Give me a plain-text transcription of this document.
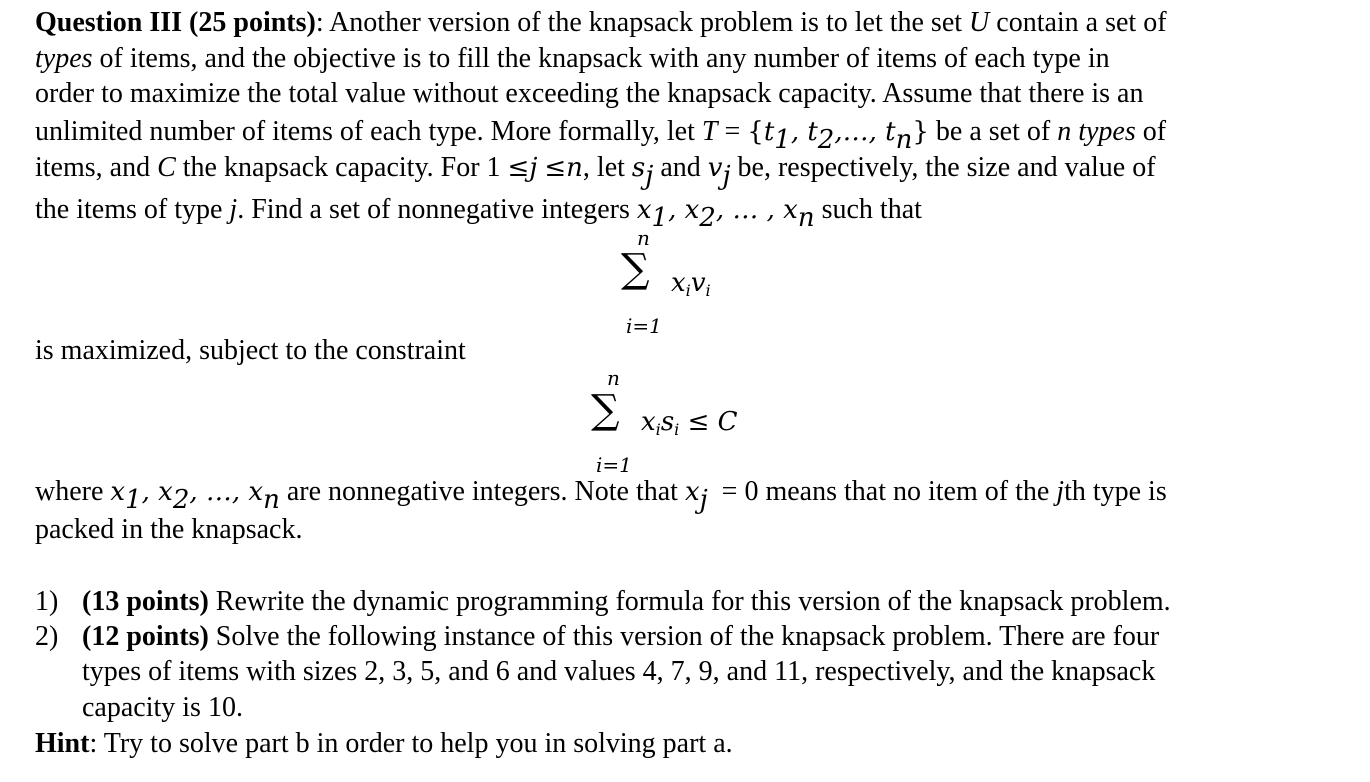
Question III (25 points): Another version of the knapsack problem is to let the set U contain a set of
types of items, and the objective is to fill the knapsack with any number of items of each type in
order to maximize the total value without exceeding the knapsack capacity. Assume that there is an
unlimited number of items of each type. More formally, let $T = \{t_1$, $t_2,\dots$, $t_n$} be a set of n types of
items, and C the knapsack capacity. For 1 ≤j ≤n, let $s_j$ and $v_j$ be, respectively, the size and value of
the items of type j. Find a set of nonnegative integers $x_1$, $x_2$, … , $x_n$ such that
n
∑ $x_iv_i$
i=1
is maximized, subject to the constraint
n
∑ $x_is_i \le C$
i=1
where $x_1$, $x_2$, …, $x_n$ are nonnegative integers. Note that $x_j = 0$ means that no item of the jth type is
packed in the knapsack.
1) (13 points) Rewrite the dynamic programming formula for this version of the knapsack problem.
2) (12 points) Solve the following instance of this version of the knapsack problem. There are four
types of items with sizes 2, 3, 5, and 6 and values 4, 7, 9, and 11, respectively, and the knapsack
capacity is 10.
Hint: Try to solve part b in order to help you in solving part a.
